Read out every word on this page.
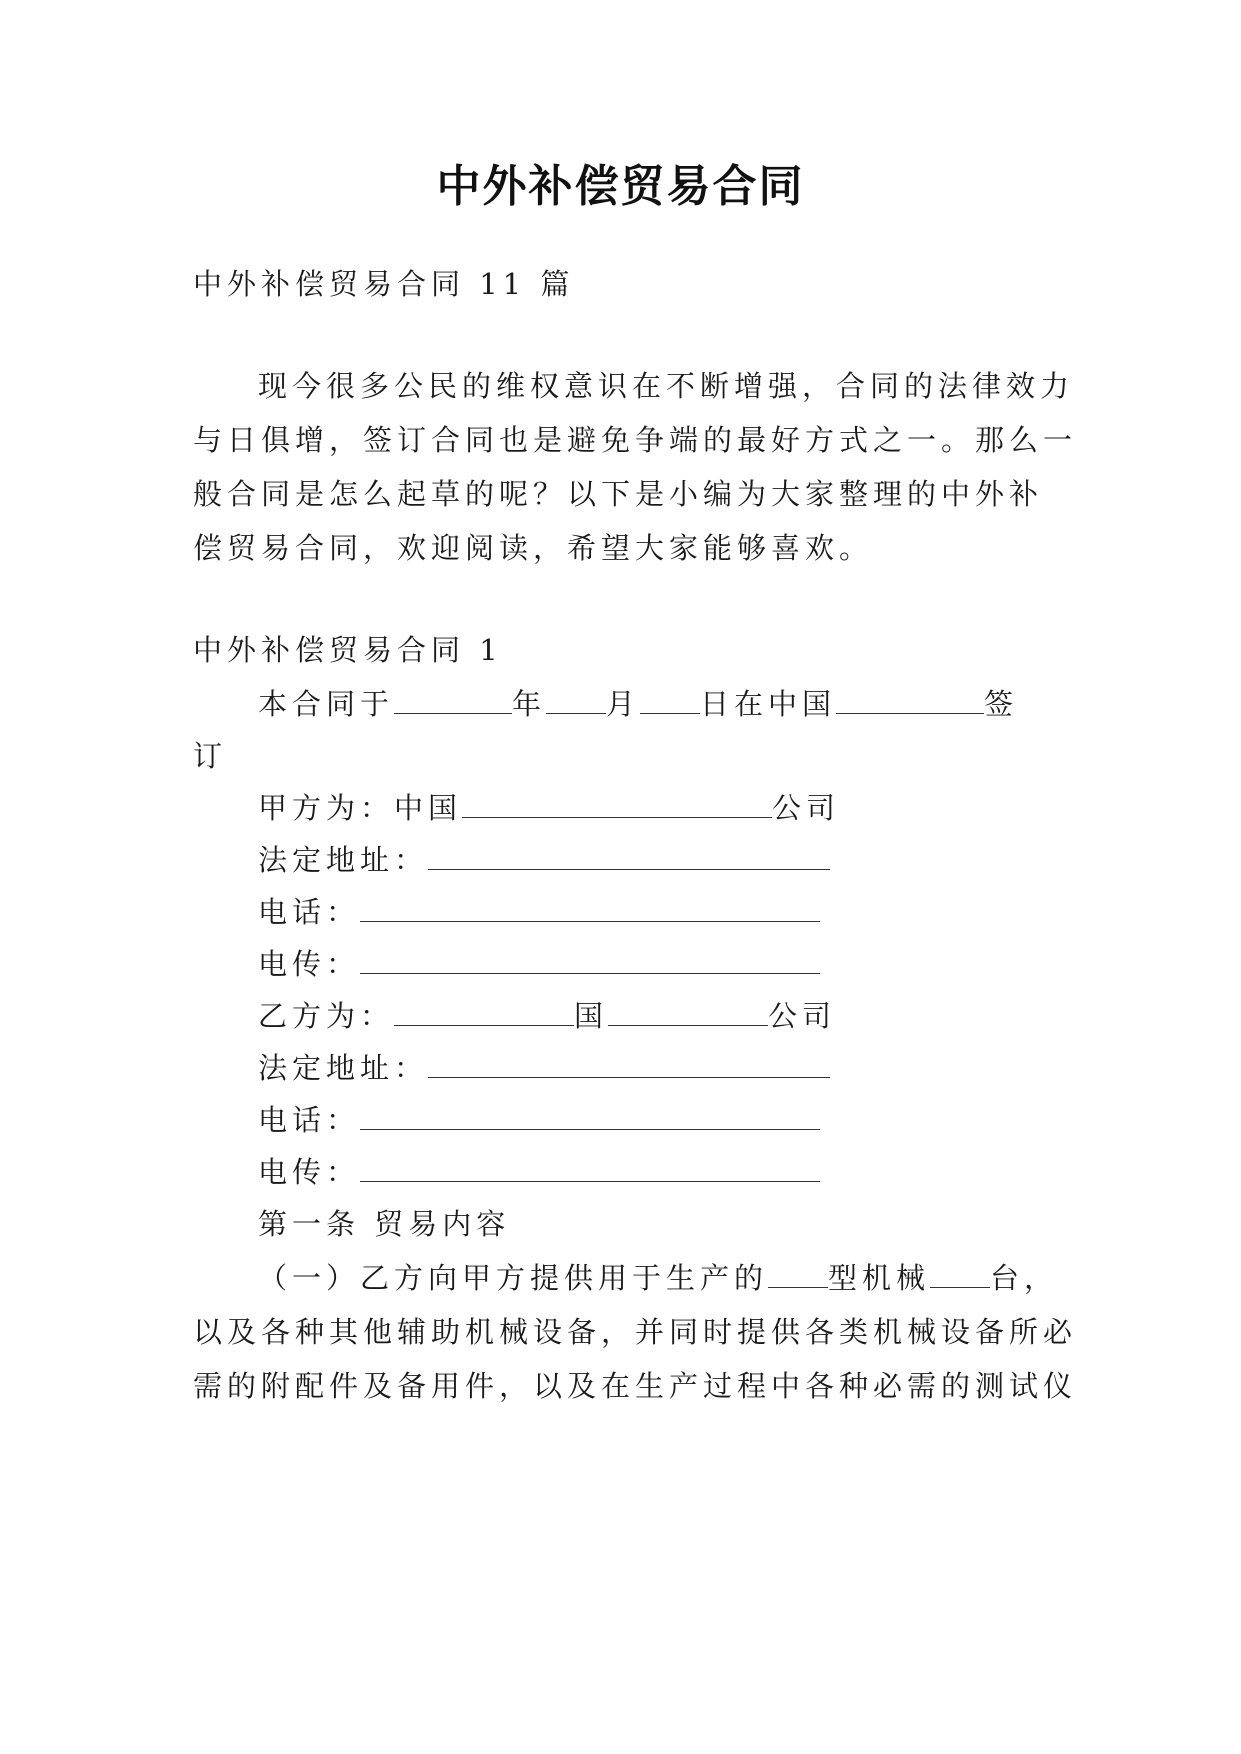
中外补偿贸易合同
中外补偿贸易合同 11 篇
现今很多公民的维权意识在不断增强，合同的法律效力
与日俱增，签订合同也是避免争端的最好方式之一。那么一
般合同是怎么起草的呢？以下是小编为大家整理的中外补
偿贸易合同，欢迎阅读，希望大家能够喜欢。
中外补偿贸易合同 1
本合同于	年 月 日在中国	签
订
甲方为：中国	公司
法定地址：
电话：
电传：
乙方为：	国	公司
法定地址：
电话：
电传：
第一条 贸易内容
（一）乙方向甲方提供用于生产的 型机械 台，
以及各种其他辅助机械设备，并同时提供各类机械设备所必
需的附配件及备用件，以及在生产过程中各种必需的测试仪
